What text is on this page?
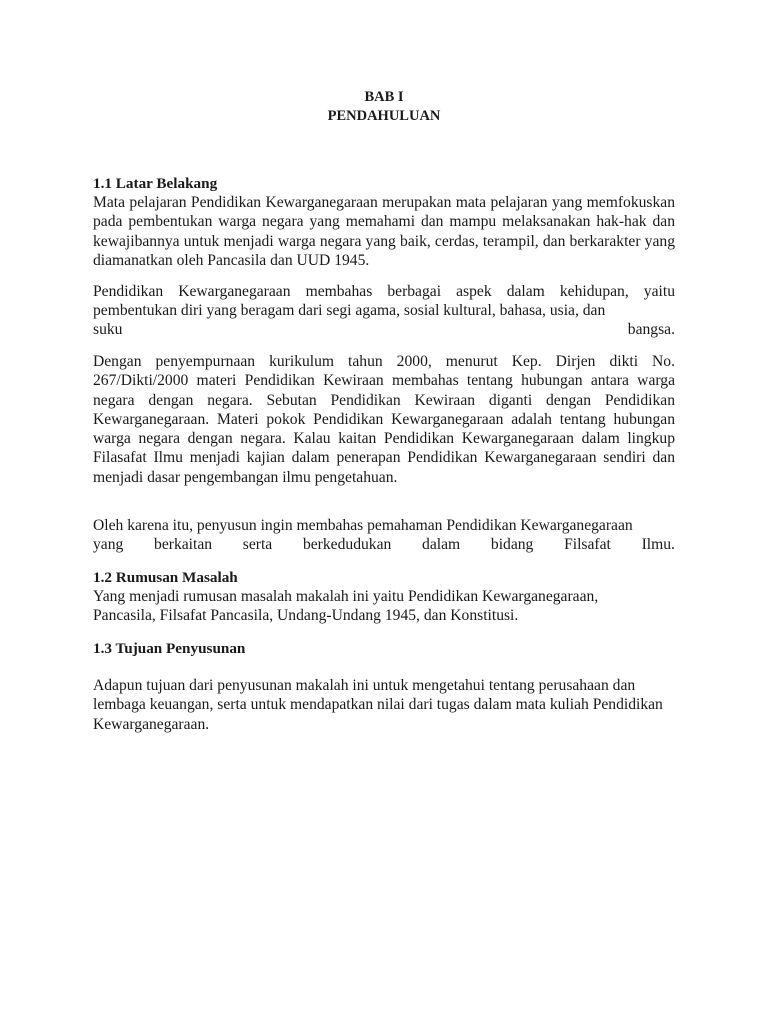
BAB I
PENDAHULUAN
1.1 Latar Belakang
Mata pelajaran Pendidikan Kewarganegaraan merupakan mata pelajaran yang memfokuskan pada pembentukan warga negara yang memahami dan mampu melaksanakan hak-hak dan kewajibannya untuk menjadi warga negara yang baik, cerdas, terampil, dan berkarakter yang diamanatkan oleh Pancasila dan UUD 1945.
Pendidikan Kewarganegaraan membahas berbagai aspek dalam kehidupan, yaitu pembentukan diri yang beragam dari segi agama, sosial kultural, bahasa, usia, dan
suku	bangsa.
Dengan penyempurnaan kurikulum tahun 2000, menurut Kep. Dirjen dikti No. 267/Dikti/2000 materi Pendidikan Kewiraan membahas tentang hubungan antara warga negara dengan negara. Sebutan Pendidikan Kewiraan diganti dengan Pendidikan Kewarganegaraan. Materi pokok Pendidikan Kewarganegaraan adalah tentang hubungan warga negara dengan negara. Kalau kaitan Pendidikan Kewarganegaraan dalam lingkup Filasafat Ilmu menjadi kajian dalam penerapan Pendidikan Kewarganegaraan sendiri dan menjadi dasar pengembangan ilmu pengetahuan.
Oleh karena itu, penyusun ingin membahas pemahaman Pendidikan Kewarganegaraan
yang berkaitan serta berkedudukan dalam bidang Filsafat Ilmu.
1.2 Rumusan Masalah
Yang menjadi rumusan masalah makalah ini yaitu Pendidikan Kewarganegaraan, Pancasila, Filsafat Pancasila, Undang-Undang 1945, dan Konstitusi.
1.3 Tujuan Penyusunan
Adapun tujuan dari penyusunan makalah ini untuk mengetahui tentang perusahaan dan lembaga keuangan, serta untuk mendapatkan nilai dari tugas dalam mata kuliah Pendidikan Kewarganegaraan.
